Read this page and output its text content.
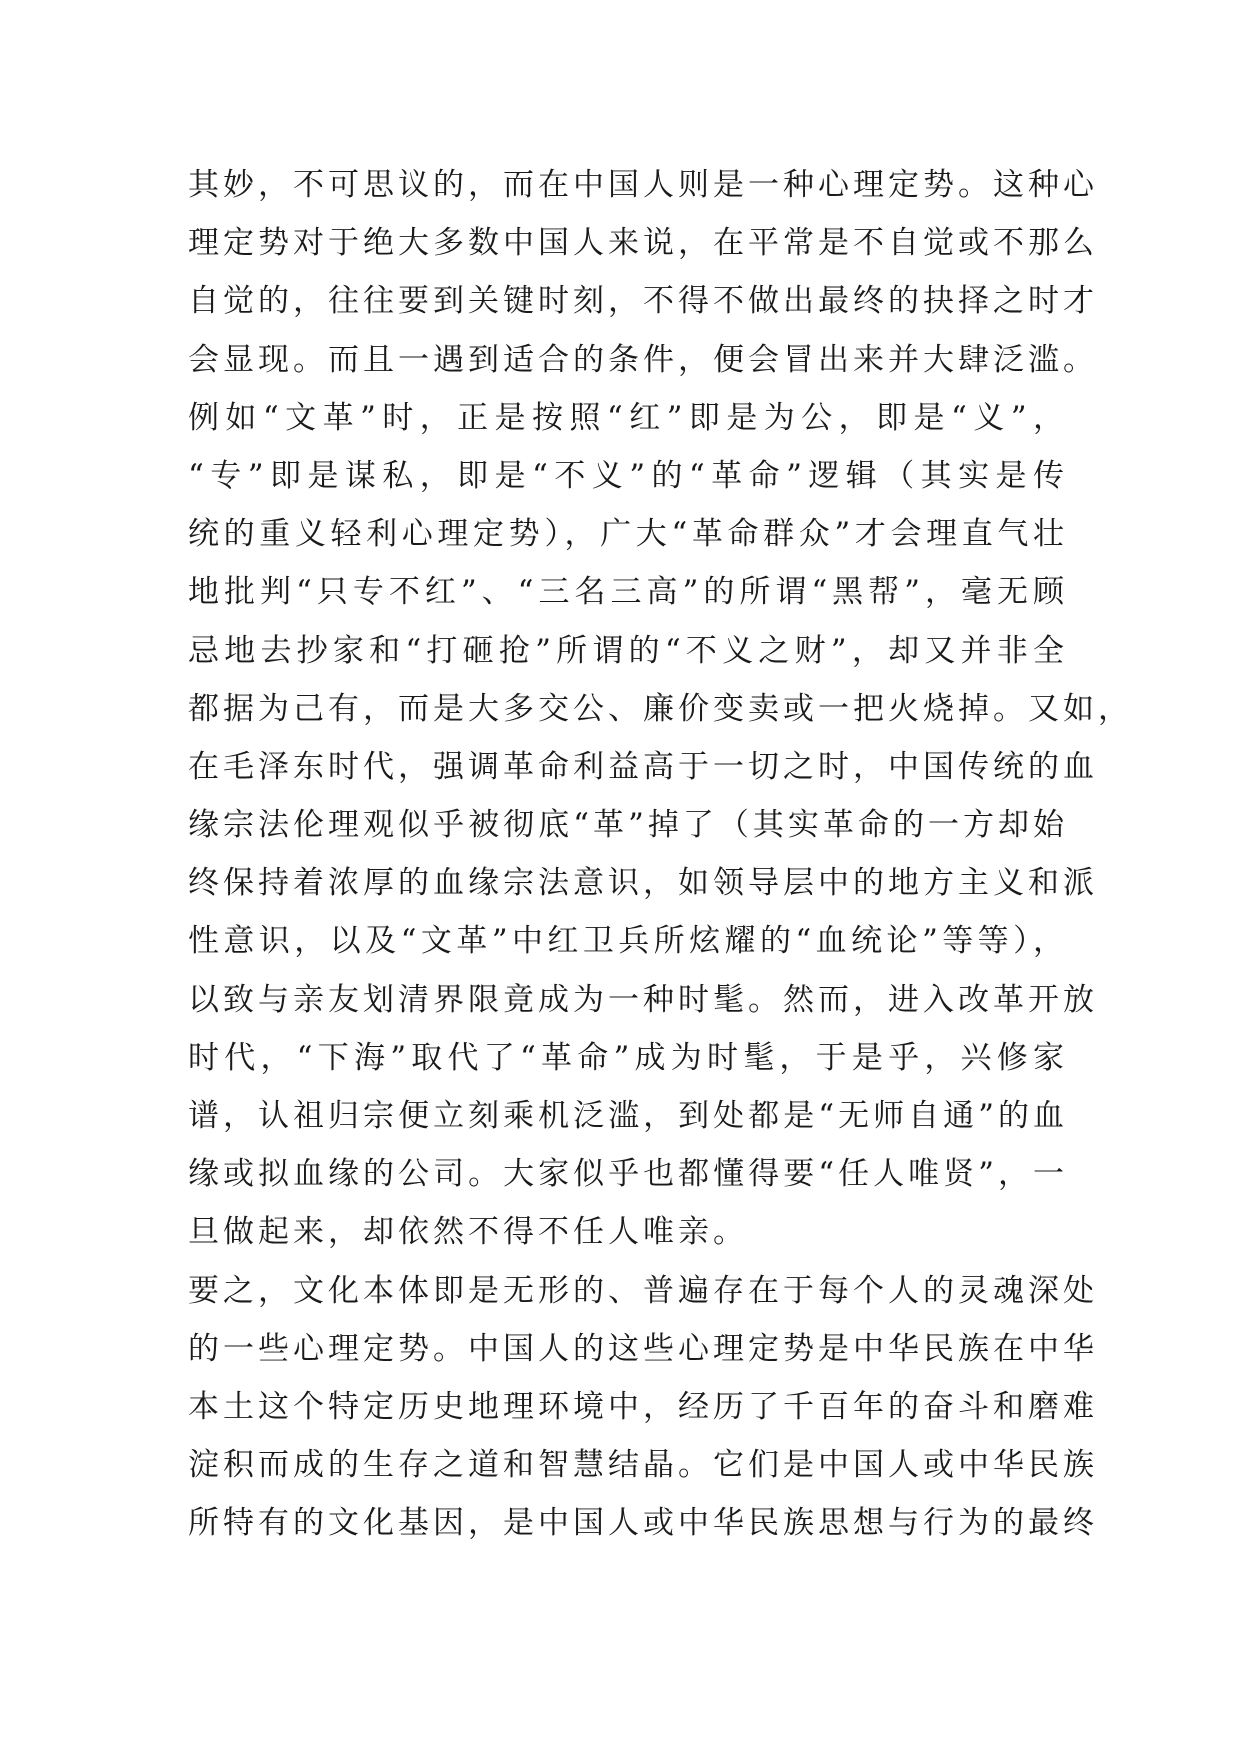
其妙，不可思议的，而在中国人则是一种心理定势。这种心
理定势对于绝大多数中国人来说，在平常是不自觉或不那么
自觉的，往往要到关键时刻，不得不做出最终的抉择之时才
会显现。而且一遇到适合的条件，便会冒出来并大肆泛滥。
例如“文革”时，正是按照“红”即是为公，即是“义”，
“专”即是谋私，即是“不义”的“革命”逻辑（其实是传
统的重义轻利心理定势），广大“革命群众”才会理直气壮
地批判“只专不红”、“三名三高”的所谓“黑帮”，毫无顾
忌地去抄家和“打砸抢”所谓的“不义之财”，却又并非全
都据为己有，而是大多交公、廉价变卖或一把火烧掉。又如，
在毛泽东时代，强调革命利益高于一切之时，中国传统的血
缘宗法伦理观似乎被彻底“革”掉了（其实革命的一方却始
终保持着浓厚的血缘宗法意识，如领导层中的地方主义和派
性意识，以及“文革”中红卫兵所炫耀的“血统论”等等），
以致与亲友划清界限竟成为一种时髦。然而，进入改革开放
时代，“下海”取代了“革命”成为时髦，于是乎，兴修家
谱，认祖归宗便立刻乘机泛滥，到处都是“无师自通”的血
缘或拟血缘的公司。大家似乎也都懂得要“任人唯贤”，一
旦做起来，却依然不得不任人唯亲。
要之，文化本体即是无形的、普遍存在于每个人的灵魂深处
的一些心理定势。中国人的这些心理定势是中华民族在中华
本土这个特定历史地理环境中，经历了千百年的奋斗和磨难
淀积而成的生存之道和智慧结晶。它们是中国人或中华民族
所特有的文化基因，是中国人或中华民族思想与行为的最终
